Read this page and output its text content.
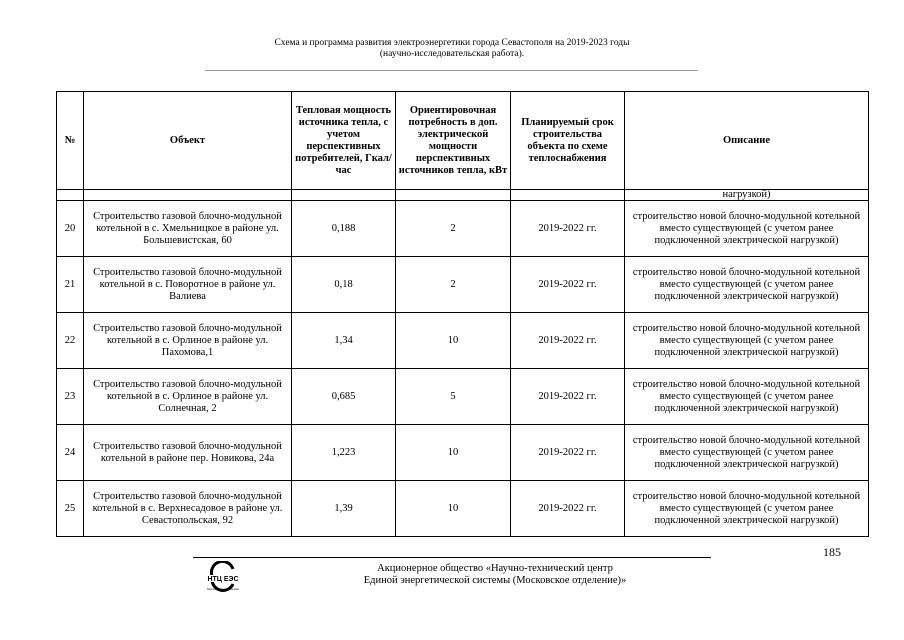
Схема и программа развития электроэнергетики города Севастополя на 2019-2023 годы
(научно-исследовательская работа).
№	Объект	Тепловая мощность источника тепла, с учетом перспективных потребителей, Гкал/час	Ориентировочная потребность в доп. электрической мощности перспективных источников тепла, кВт	Планируемый срок строительства объекта по схеме теплоснабжения	Описание
					нагрузкой)
20	Строительство газовой блочно-модульной котельной в с. Хмельницкое в районе ул. Большевистская, 60	0,188	2	2019-2022 гг.	строительство новой блочно-модульной котельной вместо существующей (с учетом ранее подключенной электрической нагрузкой)
21	Строительство газовой блочно-модульной котельной в с. Поворотное в районе ул. Валиева	0,18	2	2019-2022 гг.	строительство новой блочно-модульной котельной вместо существующей (с учетом ранее подключенной электрической нагрузкой)
22	Строительство газовой блочно-модульной котельной в с. Орлиное в районе ул. Пахомова,1	1,34	10	2019-2022 гг.	строительство новой блочно-модульной котельной вместо существующей (с учетом ранее подключенной электрической нагрузкой)
23	Строительство газовой блочно-модульной котельной в с. Орлиное в районе ул. Солнечная, 2	0,685	5	2019-2022 гг.	строительство новой блочно-модульной котельной вместо существующей (с учетом ранее подключенной электрической нагрузкой)
24	Строительство газовой блочно-модульной котельной в районе пер. Новикова, 24а	1,223	10	2019-2022 гг.	строительство новой блочно-модульной котельной вместо существующей (с учетом ранее подключенной электрической нагрузкой)
25	Строительство газовой блочно-модульной котельной в с. Верхнесадовое в районе ул. Севастопольская, 92	1,39	10	2019-2022 гг.	строительство новой блочно-модульной котельной вместо существующей (с учетом ранее подключенной электрической нагрузкой)
185
НТЦ ЕЭС
Московское отделение
Акционерное общество «Научно-технический центр
Единой энергетической системы (Московское отделение)»
